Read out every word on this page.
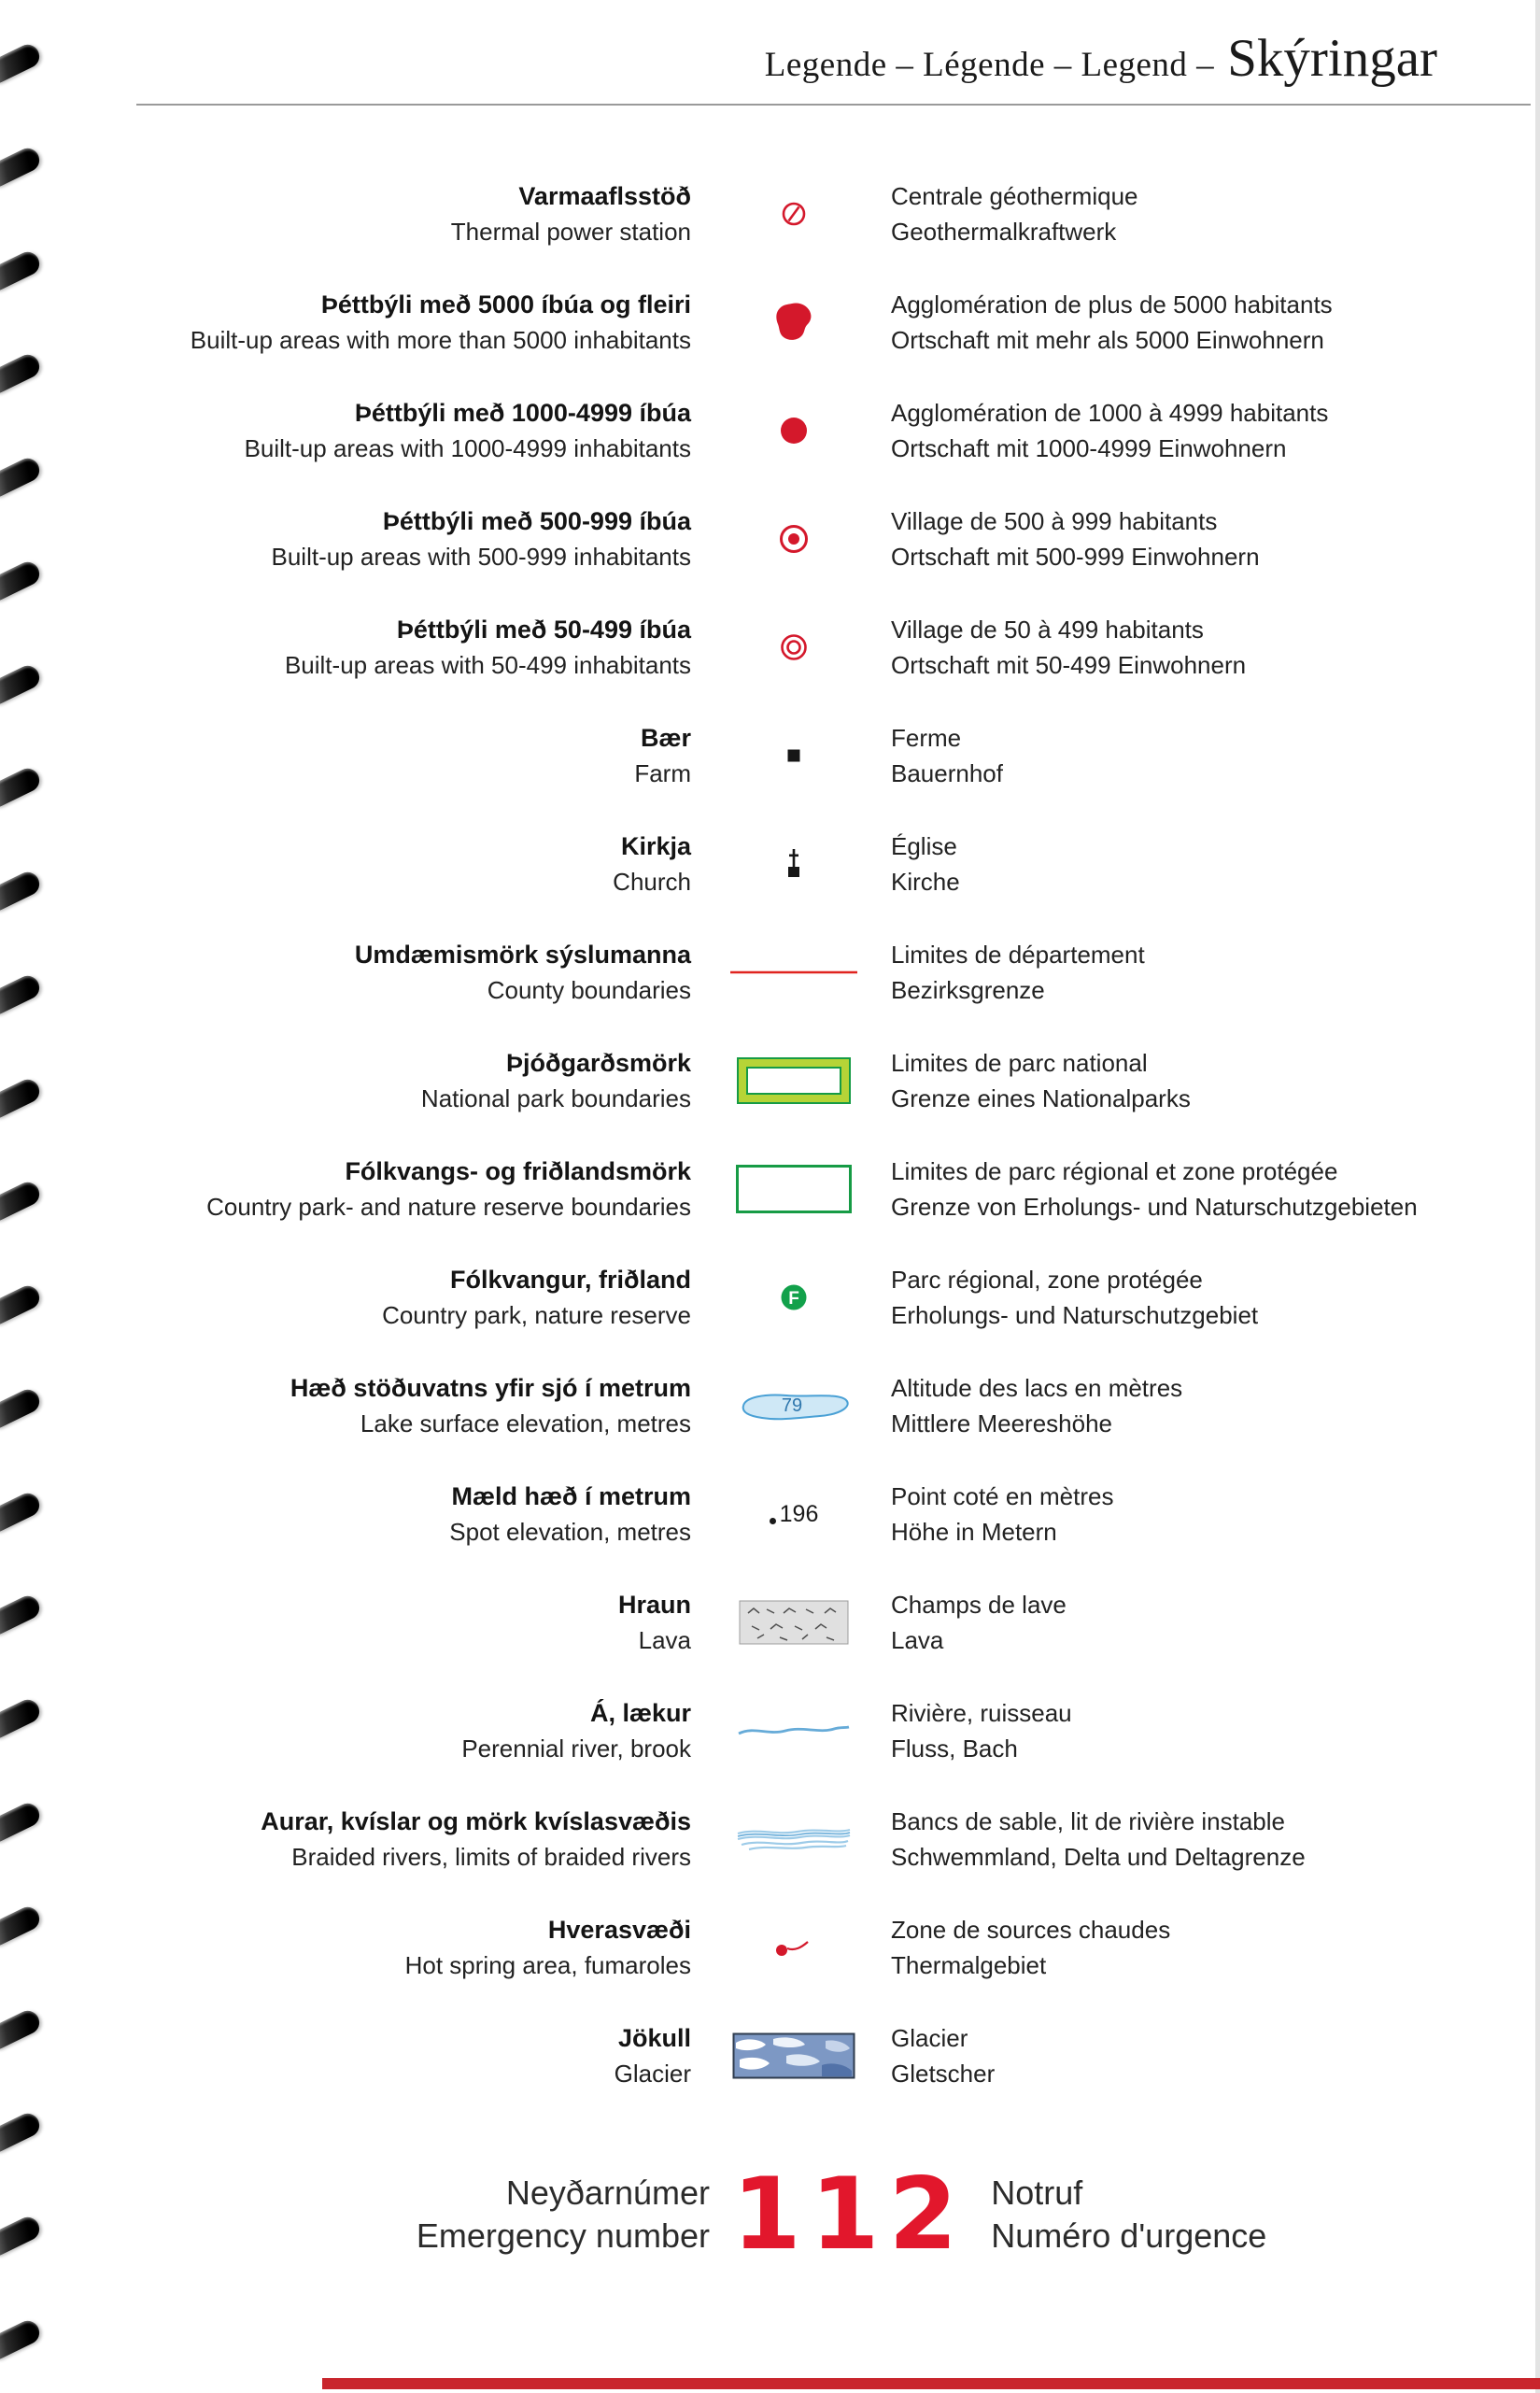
Legende – Légende – Legend – Skýringar
Varmaaflsstöð
Thermal power station
Centrale géothermique
Geothermalkraftwerk
Þéttbýli með 5000 íbúa og fleiri
Built-up areas with more than 5000 inhabitants
Agglomération de plus de 5000 habitants
Ortschaft mit mehr als 5000 Einwohnern
Þéttbýli með 1000-4999 íbúa
Built-up areas with 1000-4999 inhabitants
Agglomération de 1000 à 4999 habitants
Ortschaft mit 1000-4999 Einwohnern
Þéttbýli með 500-999 íbúa
Built-up areas with 500-999 inhabitants
Village de 500 à 999 habitants
Ortschaft mit 500-999 Einwohnern
Þéttbýli með 50-499 íbúa
Built-up areas with 50-499 inhabitants
Village de 50 à 499 habitants
Ortschaft mit 50-499 Einwohnern
Bær
Farm
Ferme
Bauernhof
Kirkja
Church
Église
Kirche
Umdæmismörk sýslumanna
County boundaries
Limites de département
Bezirksgrenze
Þjóðgarðsmörk
National park boundaries
Limites de parc national
Grenze eines Nationalparks
Fólkvangs- og friðlandsmörk
Country park- and nature reserve boundaries
Limites de parc régional et zone protégée
Grenze von Erholungs- und Naturschutzgebieten
Fólkvangur, friðland
Country park, nature reserve
F
Parc régional, zone protégée
Erholungs- und Naturschutzgebiet
Hæð stöðuvatns yfir sjó í metrum
Lake surface elevation, metres
79
Altitude des lacs en mètres
Mittlere Meereshöhe
Mæld hæð í metrum
Spot elevation, metres
196
Point coté en mètres
Höhe in Metern
Hraun
Lava
Champs de lave
Lava
Á, lækur
Perennial river, brook
Rivière, ruisseau
Fluss, Bach
Aurar, kvíslar og mörk kvíslasvæðis
Braided rivers, limits of braided rivers
Bancs de sable, lit de rivière instable
Schwemmland, Delta und Deltagrenze
Hverasvæði
Hot spring area, fumaroles
Zone de sources chaudes
Thermalgebiet
Jökull
Glacier
Glacier
Gletscher
Neyðarnúmer
Emergency number 112 Notruf
Numéro d'urgence
